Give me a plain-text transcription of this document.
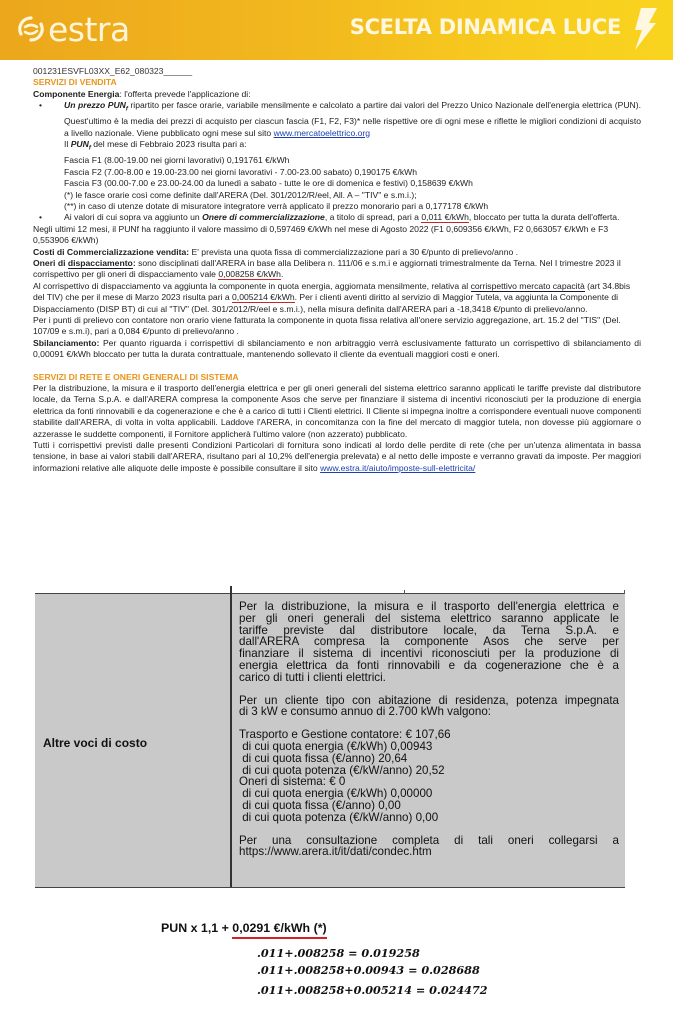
estra	SCELTA DINAMICA LUCE

001231ESVFL03XX_E62_080323______

SERVIZI DI VENDITA

Componente Energia: l'offerta prevede l'applicazione di:

•	Un prezzo $PUN_f$ ripartito per fasce orarie, variabile mensilmente e calcolato a partire dai valori del Prezzo Unico Nazionale dell'energia elettrica (PUN). Quest'ultimo è la media dei prezzi di acquisto per ciascun fascia (F1, F2, F3)* nelle rispettive ore di ogni mese e riflette le migliori condizioni di acquisto a livello nazionale. Viene pubblicato ogni mese sul sito www.mercatoelettrico.org

Il $PUN_f$ del mese di Febbraio 2023 risulta pari a:

Fascia F1 (8.00-19.00 nei giorni lavorativi) 0,191761 €/kWh

Fascia F2 (7.00-8.00 e 19.00-23.00 nei giorni lavorativi - 7.00-23.00 sabato) 0,190175 €/kWh

Fascia F3 (00.00-7.00 e 23.00-24.00 da lunedì a sabato - tutte le ore di domenica e festivi) 0,158639 €/kWh

(*) le fasce orarie così come definite dall'ARERA (Del. 301/2012/R/eel, All. A – "TIV" e s.m.i.);

(**) in caso di utenze dotate di misuratore integratore verrà applicato il prezzo monorario pari a 0,177178 €/kWh

•	Ai valori di cui sopra va aggiunto un Onere di commercializzazione, a titolo di spread, pari a 0,011 €/kWh, bloccato per tutta la durata dell'offerta.

Negli ultimi 12 mesi, il PUNf ha raggiunto il valore massimo di 0,597469 €/kWh nel mese di Agosto 2022 (F1 0,609356 €/kWh, F2 0,663057 €/kWh e F3 0,553906 €/kWh)

Costi di Commercializzazione vendita: E' prevista una quota fissa di commercializzazione pari a 30 €/punto di prelievo/anno .

Oneri di dispacciamento: sono disciplinati dall'ARERA in base alla Delibera n. 111/06 e s.m.i e aggiornati trimestralmente da Terna. Nel I trimestre 2023 il corrispettivo per gli oneri di dispacciamento vale 0,008258 €/kWh.

Al corrispettivo di dispacciamento va aggiunta la componente in quota energia, aggiornata mensilmente, relativa al corrispettivo mercato capacità (art 34.8bis del TIV) che per il mese di Marzo 2023 risulta pari a 0,005214 €/kWh. Per i clienti aventi diritto al servizio di Maggior Tutela, va aggiunta la Componente di Dispacciamento (DISP BT) di cui al "TIV" (Del. 301/2012/R/eel e s.m.i.), nella misura definita dall'ARERA pari a -18,3418 €/punto di prelievo/anno.

Per i punti di prelievo con contatore non orario viene fatturata la componente in quota fissa relativa all'onere servizio aggregazione, art. 15.2 del "TIS" (Del. 107/09 e s.m.i), pari a 0,084 €/punto di prelievo/anno .

Sbilanciamento: Per quanto riguarda i corrispettivi di sbilanciamento e non arbitraggio verrà esclusivamente fatturato un corrispettivo di sbilanciamento di 0,00091 €/kWh bloccato per tutta la durata contrattuale, mantenendo sollevato il cliente da eventuali maggiori costi e oneri.

SERVIZI DI RETE E ONERI GENERALI DI SISTEMA

Per la distribuzione, la misura e il trasporto dell'energia elettrica e per gli oneri generali del sistema elettrico saranno applicati le tariffe previste dal distributore locale, da Terna S.p.A. e dall'ARERA compresa la componente Asos che serve per finanziare il sistema di incentivi riconosciuti per la produzione di energia elettrica da fonti rinnovabili e da cogenerazione e che è a carico di tutti i Clienti elettrici. Il Cliente si impegna inoltre a corrispondere eventuali nuove componenti stabilite dall'ARERA, di volta in volta applicabili. Laddove l'ARERA, in concomitanza con la fine del mercato di maggior tutela, non dovesse più aggiornare o azzerasse le suddette componenti, il Fornitore applicherà l'ultimo valore (non azzerato) pubblicato.

Tutti i corrispettivi previsti dalle presenti Condizioni Particolari di fornitura sono indicati al lordo delle perdite di rete (che per un'utenza alimentata in bassa tensione, in base ai valori stabili dall'ARERA, risultano pari al 10,2% dell'energia prelevata) e al netto delle imposte e verranno gravati da imposte. Per maggiori informazioni relative alle aliquote delle imposte è possibile consultare il sito www.estra.it/aiuto/imposte-sull-elettricita/

Altre voci di costo
Per la distribuzione, la misura e il trasporto dell'energia elettrica e
per gli oneri generali del sistema elettrico saranno applicate le
tariffe previste dal distributore locale, da Terna S.p.A. e
dall'ARERA compresa la componente Asos che serve per
finanziare il sistema di incentivi riconosciuti per la produzione di
energia elettrica da fonti rinnovabili e da cogenerazione che è a
carico di tutti i clienti elettrici.
Per un cliente tipo con abitazione di residenza, potenza impegnata
di 3 kW e consumo annuo di 2.700 kWh valgono:
Trasporto e Gestione contatore: € 107,66
di cui quota energia (€/kWh) 0,00943
di cui quota fissa (€/anno) 20,64
di cui quota potenza (€/kW/anno) 20,52
Oneri di sistema: € 0
di cui quota energia (€/kWh) 0,00000
di cui quota fissa (€/anno) 0,00
di cui quota potenza (€/kW/anno) 0,00
Per una consultazione completa di tali oneri collegarsi a
https://www.arera.it/it/dati/condec.htm
PUN x 1,1 + 0,0291 €/kWh (*)
.011+.008258 = 0.019258
.011+.008258+0.00943 = 0.028688
.011+.008258+0.005214 = 0.024472
